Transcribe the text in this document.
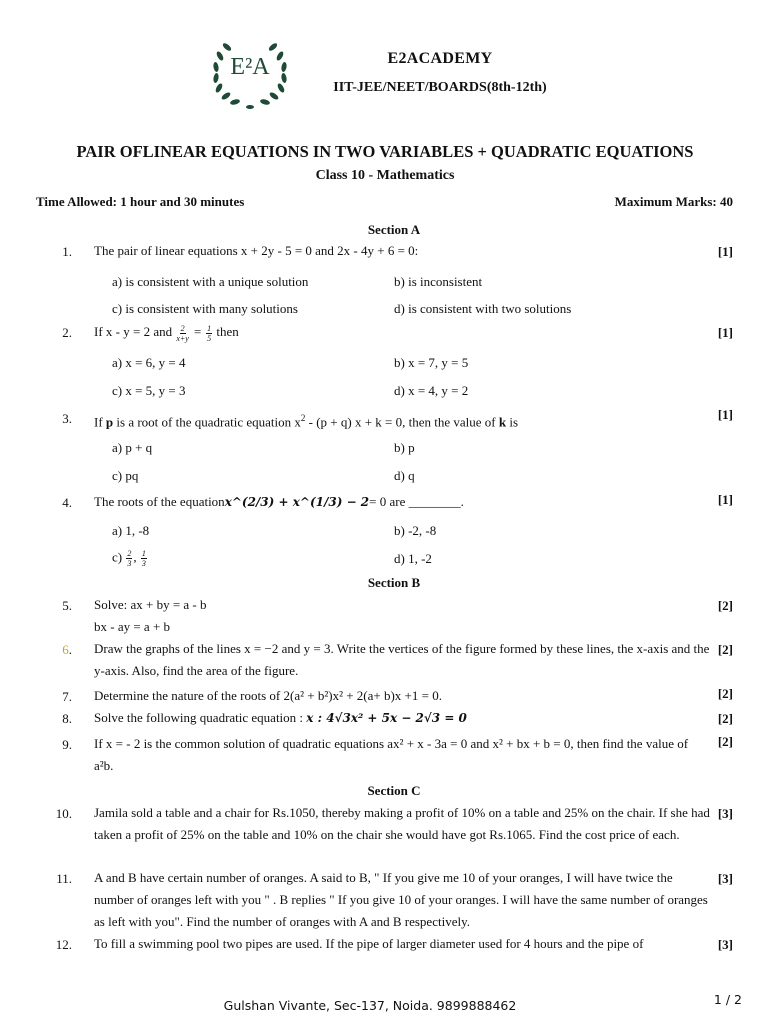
E²A	E2ACADEMY
IIT-JEE/NEET/BOARDS(8th-12th)
PAIR OFLINEAR EQUATIONS IN TWO VARIABLES + QUADRATIC EQUATIONS
Class 10 - Mathematics
Time Allowed: 1 hour and 30 minutes	Maximum Marks: 40
Section A
1. The pair of linear equations x + 2y - 5 = 0 and 2x - 4y + 6 = 0:	[1]
a) is consistent with a unique solution	b) is inconsistent
c) is consistent with many solutions	d) is consistent with two solutions
2. If x - y = 2 and $\frac{2}{x+y} = \frac{1}{5}$ then	[1]
a) x = 6, y = 4	b) x = 7, y = 5
c) x = 5, y = 3	d) x = 4, y = 2
3. If p is a root of the quadratic equation $x^2 - (p + q) x + k = 0$, then the value of k is	[1]
a) p + q	b) p
c) pq	d) q
4. The roots of the equationx^(2/3) + x^(1/3) − 2= 0 are ________.	[1]
a) 1, -8	b) -2, -8
$c) \frac{2}{3}$ , $\frac{1}{3}$	d) 1, -2
Section B
5. Solve: ax + by = a - b
bx - ay = a + b
[2]
6. Draw the graphs of the lines x = −2 and y = 3. Write the vertices of the figure formed by these lines, the x-axis and the y-axis. Also, find the area of the figure.
[2]
7. Determine the nature of the roots of 2(a² + b²)x² + 2(a+ b)x +1 = 0.	[2]
8. Solve the following quadratic equation : x : 4√3x² + 5x − 2√3 = 0	[2]
9. If x = - 2 is the common solution of quadratic equations ax² + x - 3a = 0 and x² + bx + b = 0, then find the value of a²b.
[2]
Section C
10. Jamila sold a table and a chair for Rs.1050, thereby making a profit of 10% on a table and 25% on the chair. If she had taken a profit of 25% on the table and 10% on the chair she would have got Rs.1065. Find the cost price of each.
[3]
11. A and B have certain number of oranges. A said to B, " If you give me 10 of your oranges, I will have twice the number of oranges left with you " . B replies " If you give 10 of your oranges. I will have the same number of oranges as left with you". Find the number of oranges with A and B respectively.
[3]
12. To fill a swimming pool two pipes are used. If the pipe of larger diameter used for 4 hours and the pipe of	[3]
Gulshan Vivante, Sec-137, Noida. 9899888462	1 / 2
